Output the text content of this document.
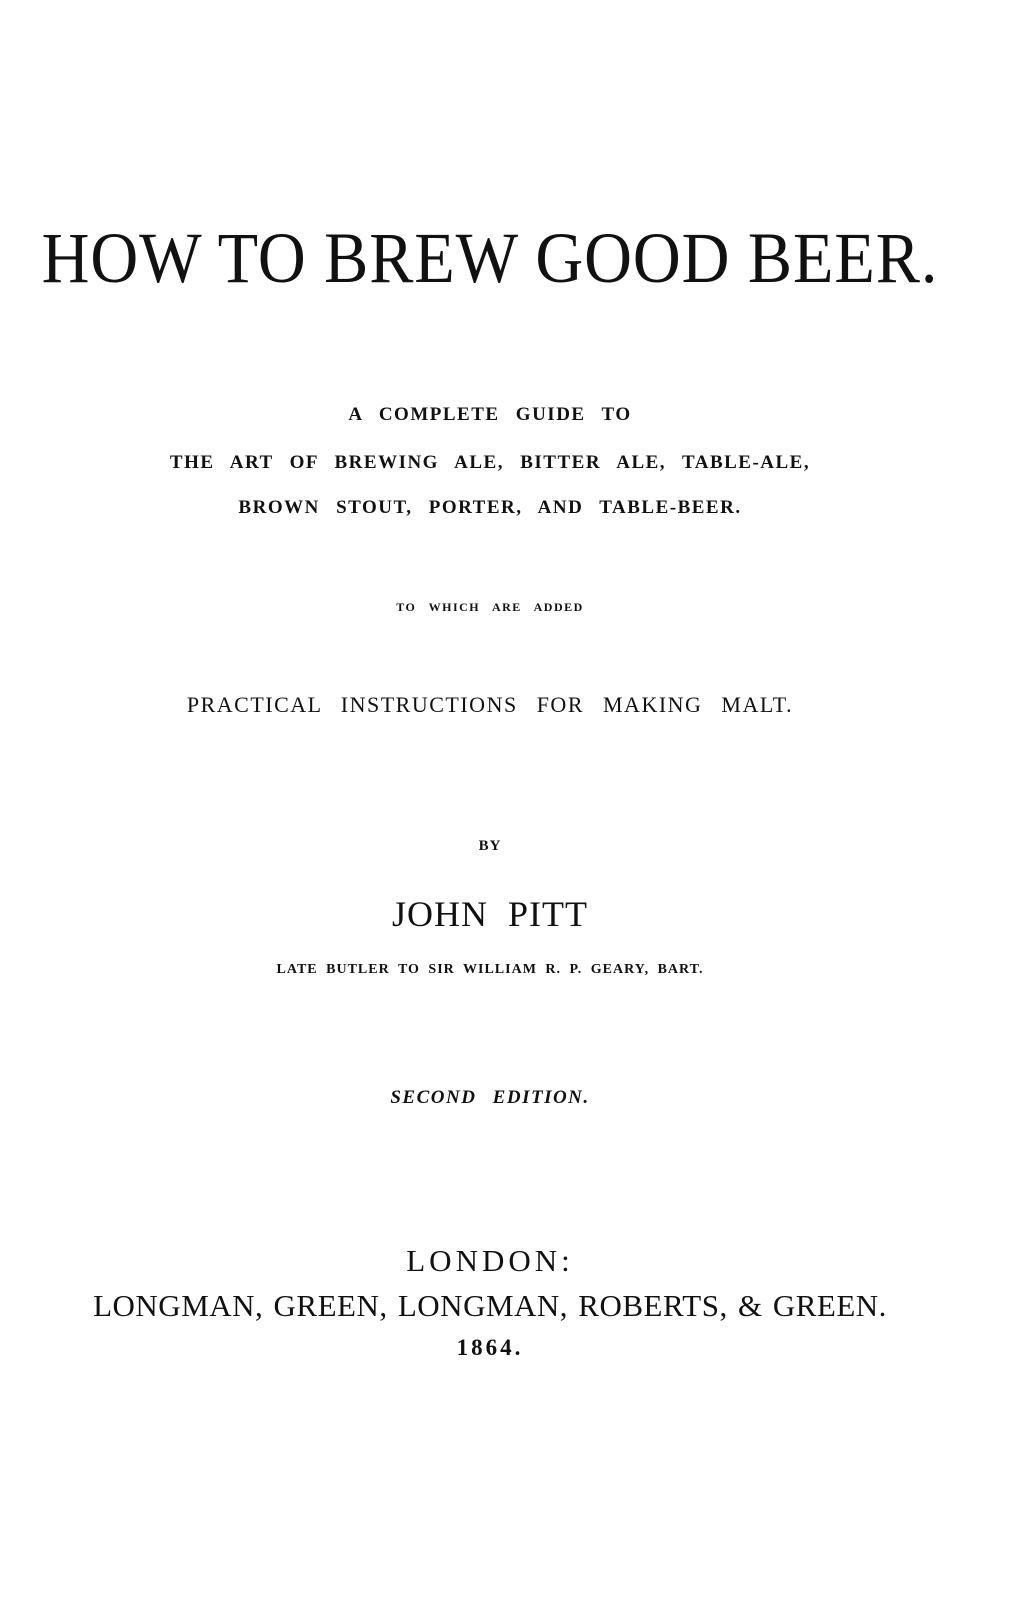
HOW TO BREW GOOD BEER.
A COMPLETE GUIDE TO
THE ART OF BREWING ALE, BITTER ALE, TABLE-ALE,
BROWN STOUT, PORTER, AND TABLE-BEER.
TO WHICH ARE ADDED
PRACTICAL INSTRUCTIONS FOR MAKING MALT.
BY
JOHN PITT
LATE BUTLER TO SIR WILLIAM R. P. GEARY, BART.
SECOND EDITION.
LONDON:
LONGMAN, GREEN, LONGMAN, ROBERTS, & GREEN.
1864.
